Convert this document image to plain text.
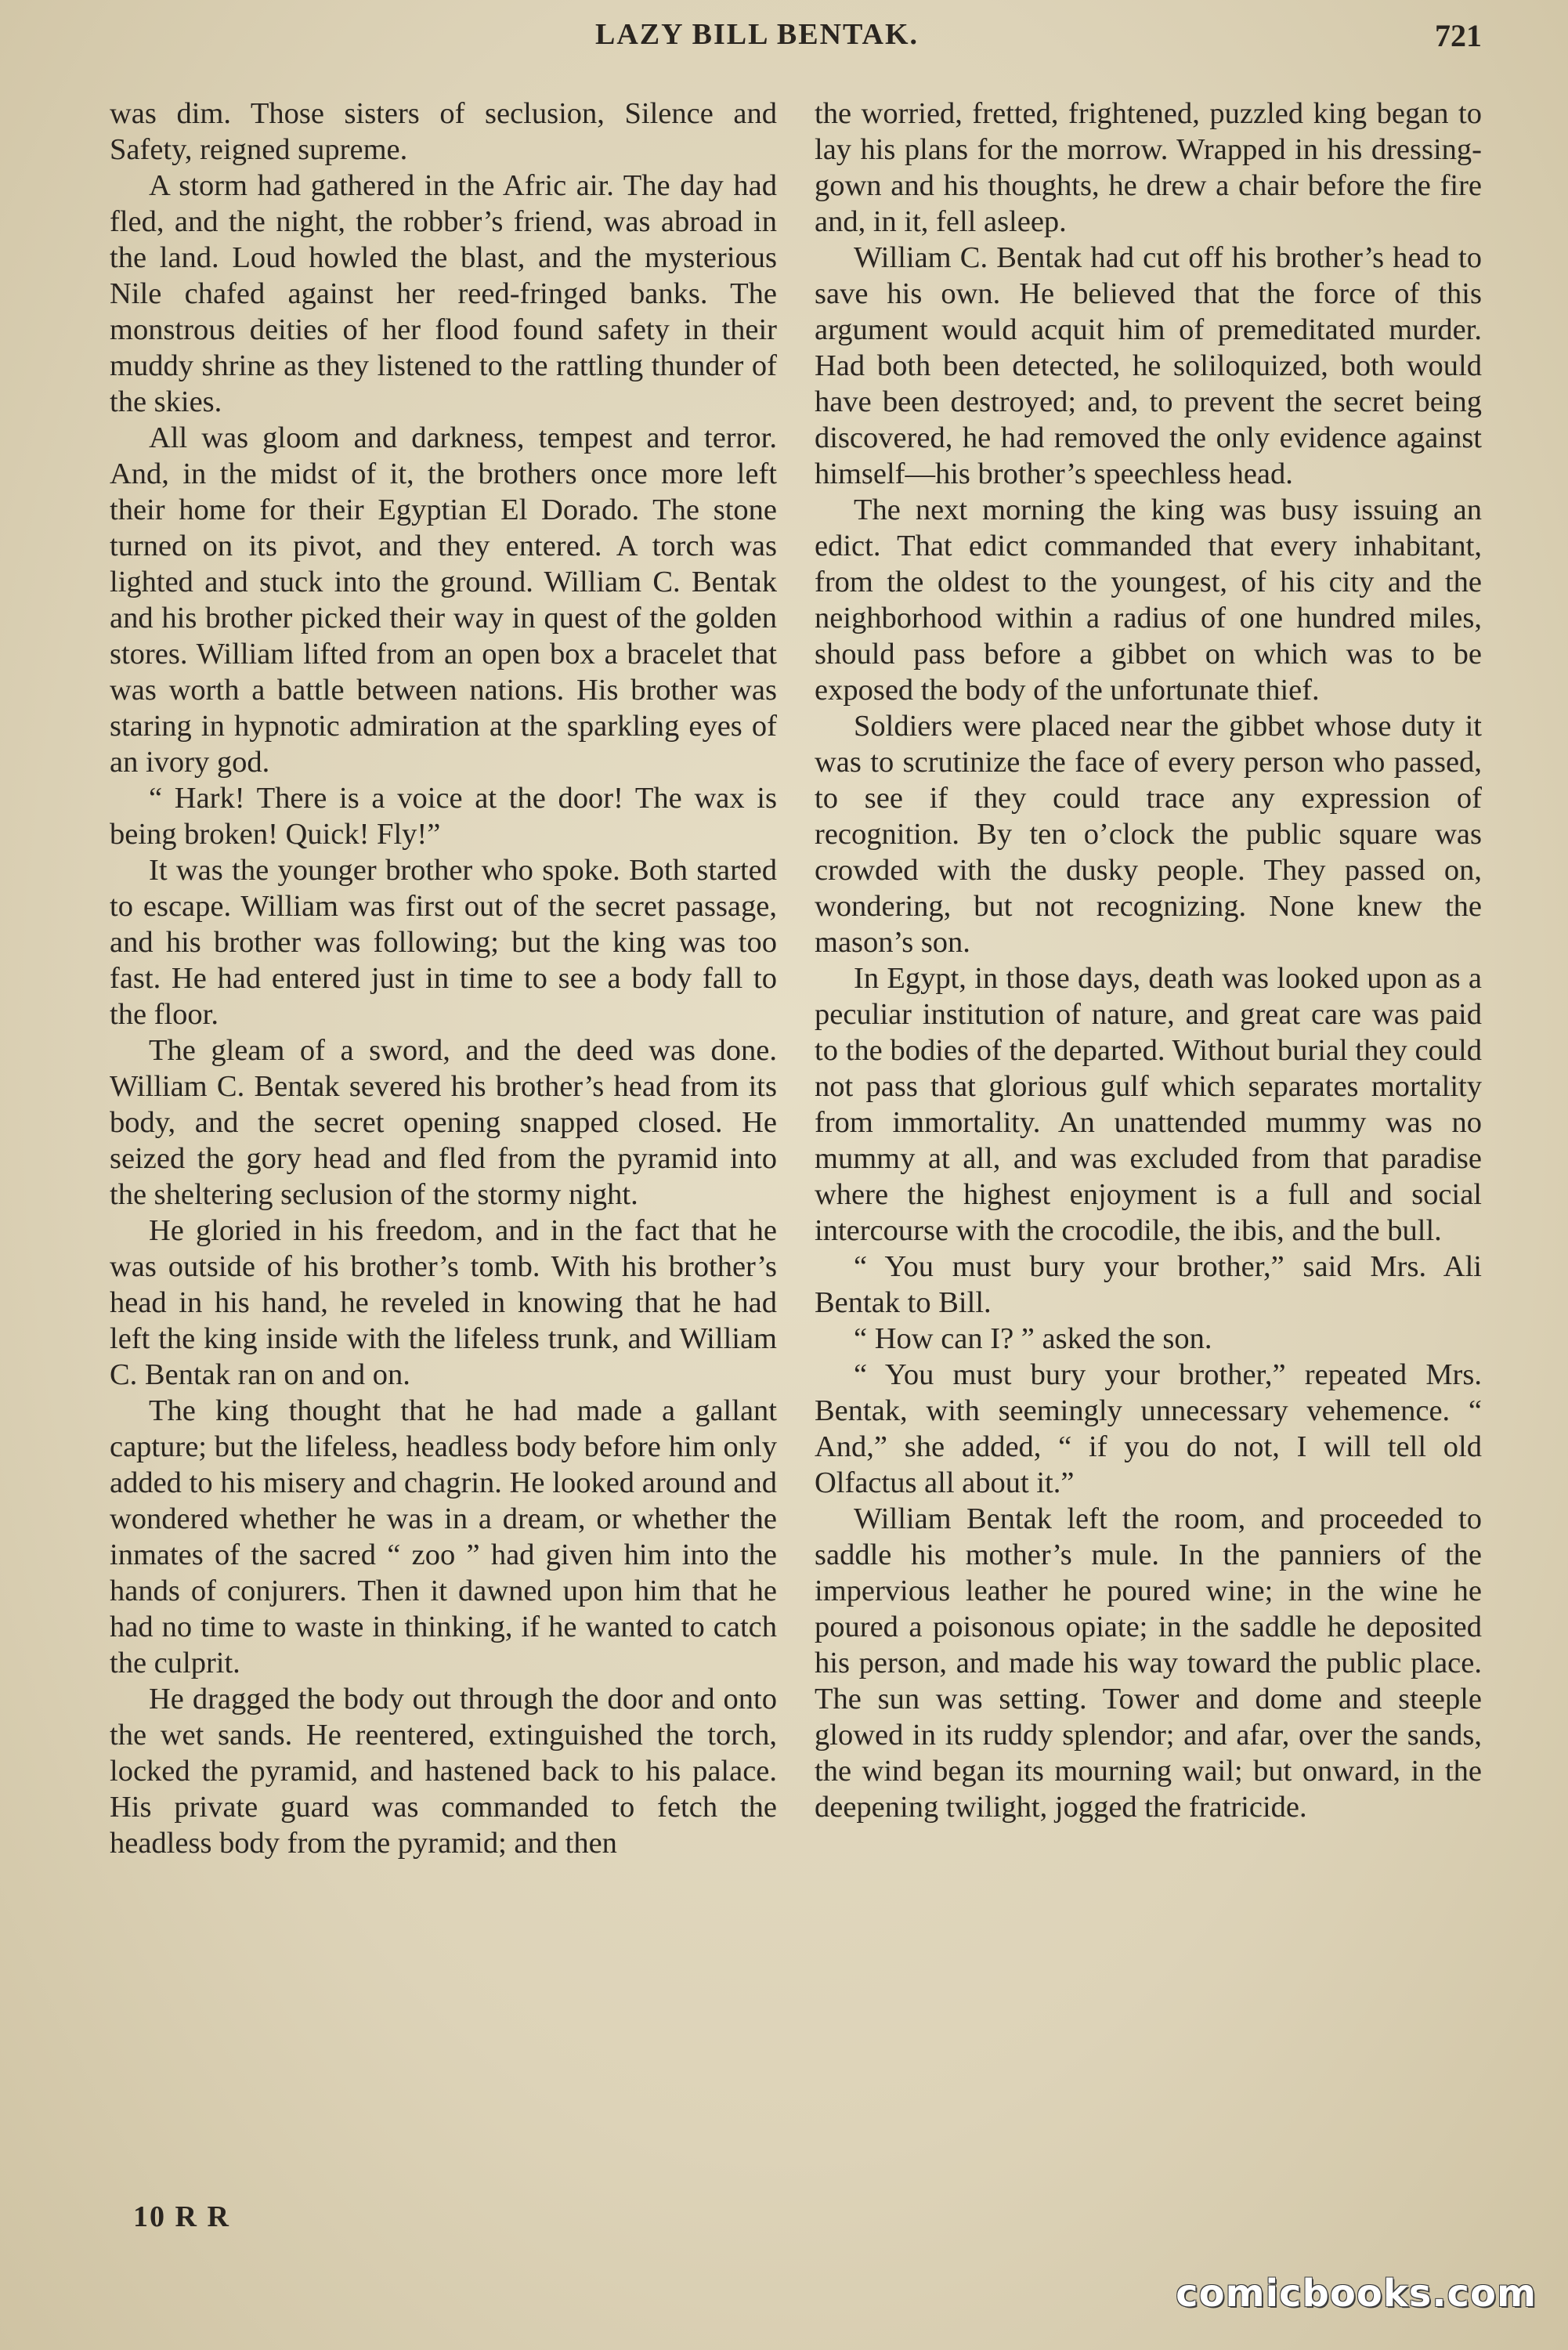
LAZY BILL BENTAK.	721

was dim. Those sisters of seclusion, Silence and Safety, reigned supreme.

A storm had gathered in the Afric air. The day had fled, and the night, the robber’s friend, was abroad in the land. Loud howled the blast, and the mysterious Nile chafed against her reed-fringed banks. The monstrous deities of her flood found safety in their muddy shrine as they listened to the rattling thunder of the skies.

All was gloom and darkness, tempest and terror. And, in the midst of it, the brothers once more left their home for their Egyptian El Dorado. The stone turned on its pivot, and they entered. A torch was lighted and stuck into the ground. William C. Bentak and his brother picked their way in quest of the golden stores. William lifted from an open box a bracelet that was worth a battle between nations. His brother was staring in hypnotic admiration at the sparkling eyes of an ivory god.

“ Hark! There is a voice at the door! The wax is being broken! Quick! Fly!”

It was the younger brother who spoke. Both started to escape. William was first out of the secret passage, and his brother was following; but the king was too fast. He had entered just in time to see a body fall to the floor.

The gleam of a sword, and the deed was done. William C. Bentak severed his brother’s head from its body, and the secret opening snapped closed. He seized the gory head and fled from the pyramid into the sheltering seclusion of the stormy night.

He gloried in his freedom, and in the fact that he was outside of his brother’s tomb. With his brother’s head in his hand, he reveled in knowing that he had left the king inside with the lifeless trunk, and William C. Bentak ran on and on.

The king thought that he had made a gallant capture; but the lifeless, headless body before him only added to his misery and chagrin. He looked around and wondered whether he was in a dream, or whether the inmates of the sacred “ zoo ” had given him into the hands of conjurers. Then it dawned upon him that he had no time to waste in thinking, if he wanted to catch the culprit.

He dragged the body out through the door and onto the wet sands. He reentered, extinguished the torch, locked the pyramid, and hastened back to his palace. His private guard was commanded to fetch the headless body from the pyramid; and then

the worried, fretted, frightened, puzzled king began to lay his plans for the morrow. Wrapped in his dressing-gown and his thoughts, he drew a chair before the fire and, in it, fell asleep.

William C. Bentak had cut off his brother’s head to save his own. He believed that the force of this argument would acquit him of premeditated murder. Had both been detected, he soliloquized, both would have been destroyed; and, to prevent the secret being discovered, he had removed the only evidence against himself—his brother’s speechless head.

The next morning the king was busy issuing an edict. That edict commanded that every inhabitant, from the oldest to the youngest, of his city and the neighborhood within a radius of one hundred miles, should pass before a gibbet on which was to be exposed the body of the unfortunate thief.

Soldiers were placed near the gibbet whose duty it was to scrutinize the face of every person who passed, to see if they could trace any expression of recognition. By ten o’clock the public square was crowded with the dusky people. They passed on, wondering, but not recognizing. None knew the mason’s son.

In Egypt, in those days, death was looked upon as a peculiar institution of nature, and great care was paid to the bodies of the departed. Without burial they could not pass that glorious gulf which separates mortality from immortality. An unattended mummy was no mummy at all, and was excluded from that paradise where the highest enjoyment is a full and social intercourse with the crocodile, the ibis, and the bull.

“ You must bury your brother,” said Mrs. Ali Bentak to Bill.

“ How can I? ” asked the son.

“ You must bury your brother,” repeated Mrs. Bentak, with seemingly unnecessary vehemence. “ And,” she added, “ if you do not, I will tell old Olfactus all about it.”

William Bentak left the room, and proceeded to saddle his mother’s mule. In the panniers of the impervious leather he poured wine; in the wine he poured a poisonous opiate; in the saddle he deposited his person, and made his way toward the public place. The sun was setting. Tower and dome and steeple glowed in its ruddy splendor; and afar, over the sands, the wind began its mourning wail; but onward, in the deepening twilight, jogged the fratricide.

10 R R
comicbooks.com
